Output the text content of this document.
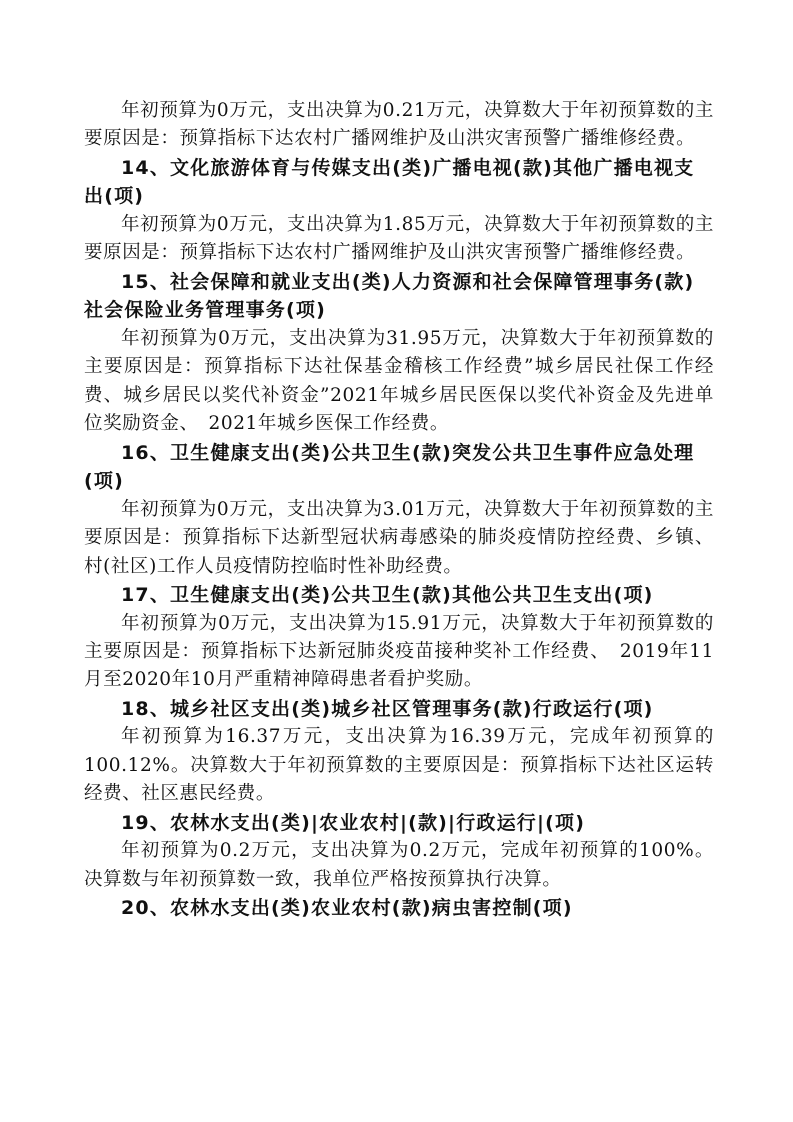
年初预算为0万元，支出决算为0.21万元，决算数大于年初预算数的主要原因是：预算指标下达农村广播网维护及山洪灾害预警广播维修经费。

14、文化旅游体育与传媒支出(类)广播电视(款)其他广播电视支出(项)

年初预算为0万元，支出决算为1.85万元，决算数大于年初预算数的主要原因是：预算指标下达农村广播网维护及山洪灾害预警广播维修经费。

15、社会保障和就业支出(类)人力资源和社会保障管理事务(款)社会保险业务管理事务(项)

年初预算为0万元，支出决算为31.95万元，决算数大于年初预算数的主要原因是：预算指标下达社保基金稽核工作经费”城乡居民社保工作经费、城乡居民以奖代补资金”2021年城乡居民医保以奖代补资金及先进单位奖励资金、　2021年城乡医保工作经费。

16、卫生健康支出(类)公共卫生(款)突发公共卫生事件应急处理(项)

年初预算为0万元，支出决算为3.01万元，决算数大于年初预算数的主要原因是：预算指标下达新型冠状病毒感染的肺炎疫情防控经费、乡镇、村(社区)工作人员疫情防控临时性补助经费。

17、卫生健康支出(类)公共卫生(款)其他公共卫生支出(项)

年初预算为0万元，支出决算为15.91万元，决算数大于年初预算数的主要原因是：预算指标下达新冠肺炎疫苗接种奖补工作经费、　2019年11月至2020年10月严重精神障碍患者看护奖励。

18、城乡社区支出(类)城乡社区管理事务(款)行政运行(项)

年初预算为16.37万元，支出决算为16.39万元，完成年初预算的100.12%。决算数大于年初预算数的主要原因是：预算指标下达社区运转经费、社区惠民经费。

19、农林水支出(类)|农业农村|(款)|行政运行|(项)

年初预算为0.2万元，支出决算为0.2万元，完成年初预算的100%。决算数与年初预算数一致，我单位严格按预算执行决算。

20、农林水支出(类)农业农村(款)病虫害控制(项)
